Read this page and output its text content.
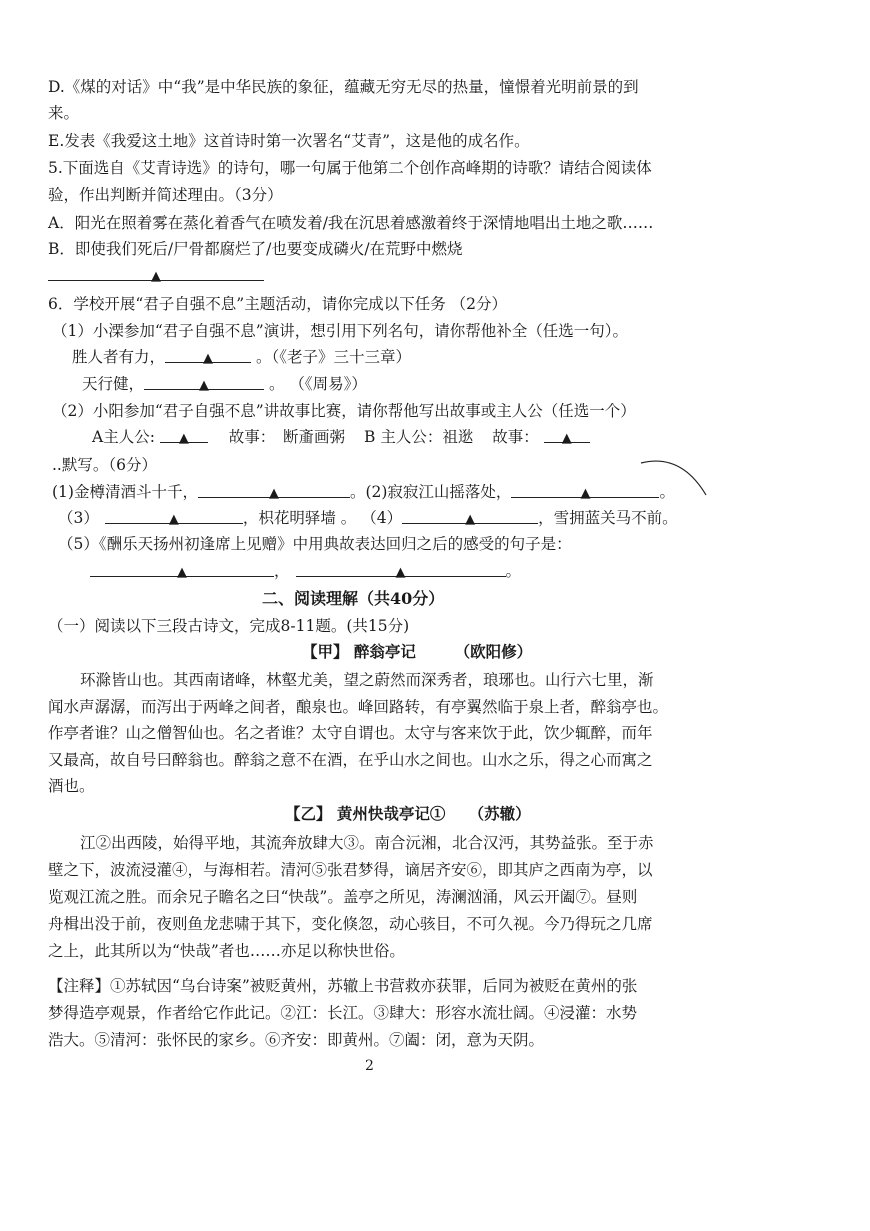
D.《煤的对话》中“我”是中华民族的象征，蕴藏无穷无尽的热量，憧憬着光明前景的到
来。
E.发表《我爱这土地》这首诗时第一次署名“艾青”，这是他的成名作。
5.下面选自《艾青诗选》的诗句，哪一句属于他第二个创作高峰期的诗歌？请结合阅读体
验，作出判断并简述理由。（3分）
A．阳光在照着雾在蒸化着香气在喷发着/我在沉思着感激着终于深情地唱出土地之歌……
B．即使我们死后/尸骨都腐烂了/也要变成磷火/在荒野中燃烧
▲
6．学校开展“君子自强不息”主题活动，请你完成以下任务 （2分）
（1）小溧参加“君子自强不息”演讲，想引用下列名句，请你帮他补全（任选一句）。
胜人者有力，	▲	。（《老子》三十三章）
天行健，	▲	。 （《周易》）
（2）小阳参加“君子自强不息”讲故事比赛，请你帮他写出故事或主人公（任选一个）
A主人公: ▲	故事：　断齑画粥 B 主人公：祖逖 故事： ▲
..默写。（6分）
(1)金樽清酒斗十千，	▲	。(2)寂寂江山摇落处，	▲	。
（3）	▲	，枳花明驿墙 。 （4）	▲	，雪拥蓝关马不前。
（5）《酬乐天扬州初逢席上见赠》中用典故表达回归之后的感受的句子是：
▲	，	▲	。
二、阅读理解（共40分）
（一）阅读以下三段古诗文，完成8-11题。(共15分)
【甲】 醉翁亭记　　　（欧阳修）
环滁皆山也。其西南诸峰，林壑尤美，望之蔚然而深秀者，琅琊也。山行六七里，渐
闻水声潺潺，而泻出于两峰之间者，酿泉也。峰回路转，有亭翼然临于泉上者，醉翁亭也。
作亭者谁？山之僧智仙也。名之者谁？太守自谓也。太守与客来饮于此，饮少辄醉，而年
又最高，故自号曰醉翁也。醉翁之意不在酒，在乎山水之间也。山水之乐，得之心而寓之
酒也。
【乙】 黄州快哉亭记①　　（苏辙）
江②出西陵，始得平地，其流奔放肆大③。南合沅湘，北合汉沔，其势益张。至于赤
壁之下，波流浸灌④，与海相若。清河⑤张君梦得，谪居齐安⑥，即其庐之西南为亭，以
览观江流之胜。而余兄子瞻名之曰“快哉”。盖亭之所见，涛澜汹涌，风云开阖⑦。昼则
舟楫出没于前，夜则鱼龙悲啸于其下，变化倏忽，动心骇目，不可久视。今乃得玩之几席
之上，此其所以为“快哉”者也……亦足以称快世俗。
【注释】①苏轼因“乌台诗案”被贬黄州，苏辙上书营救亦获罪，后同为被贬在黄州的张
梦得造亭观景，作者给它作此记。②江：长江。③肆大：形容水流壮阔。④浸灌：水势
浩大。⑤清河：张怀民的家乡。⑥齐安：即黄州。⑦阖：闭，意为天阴。
2
